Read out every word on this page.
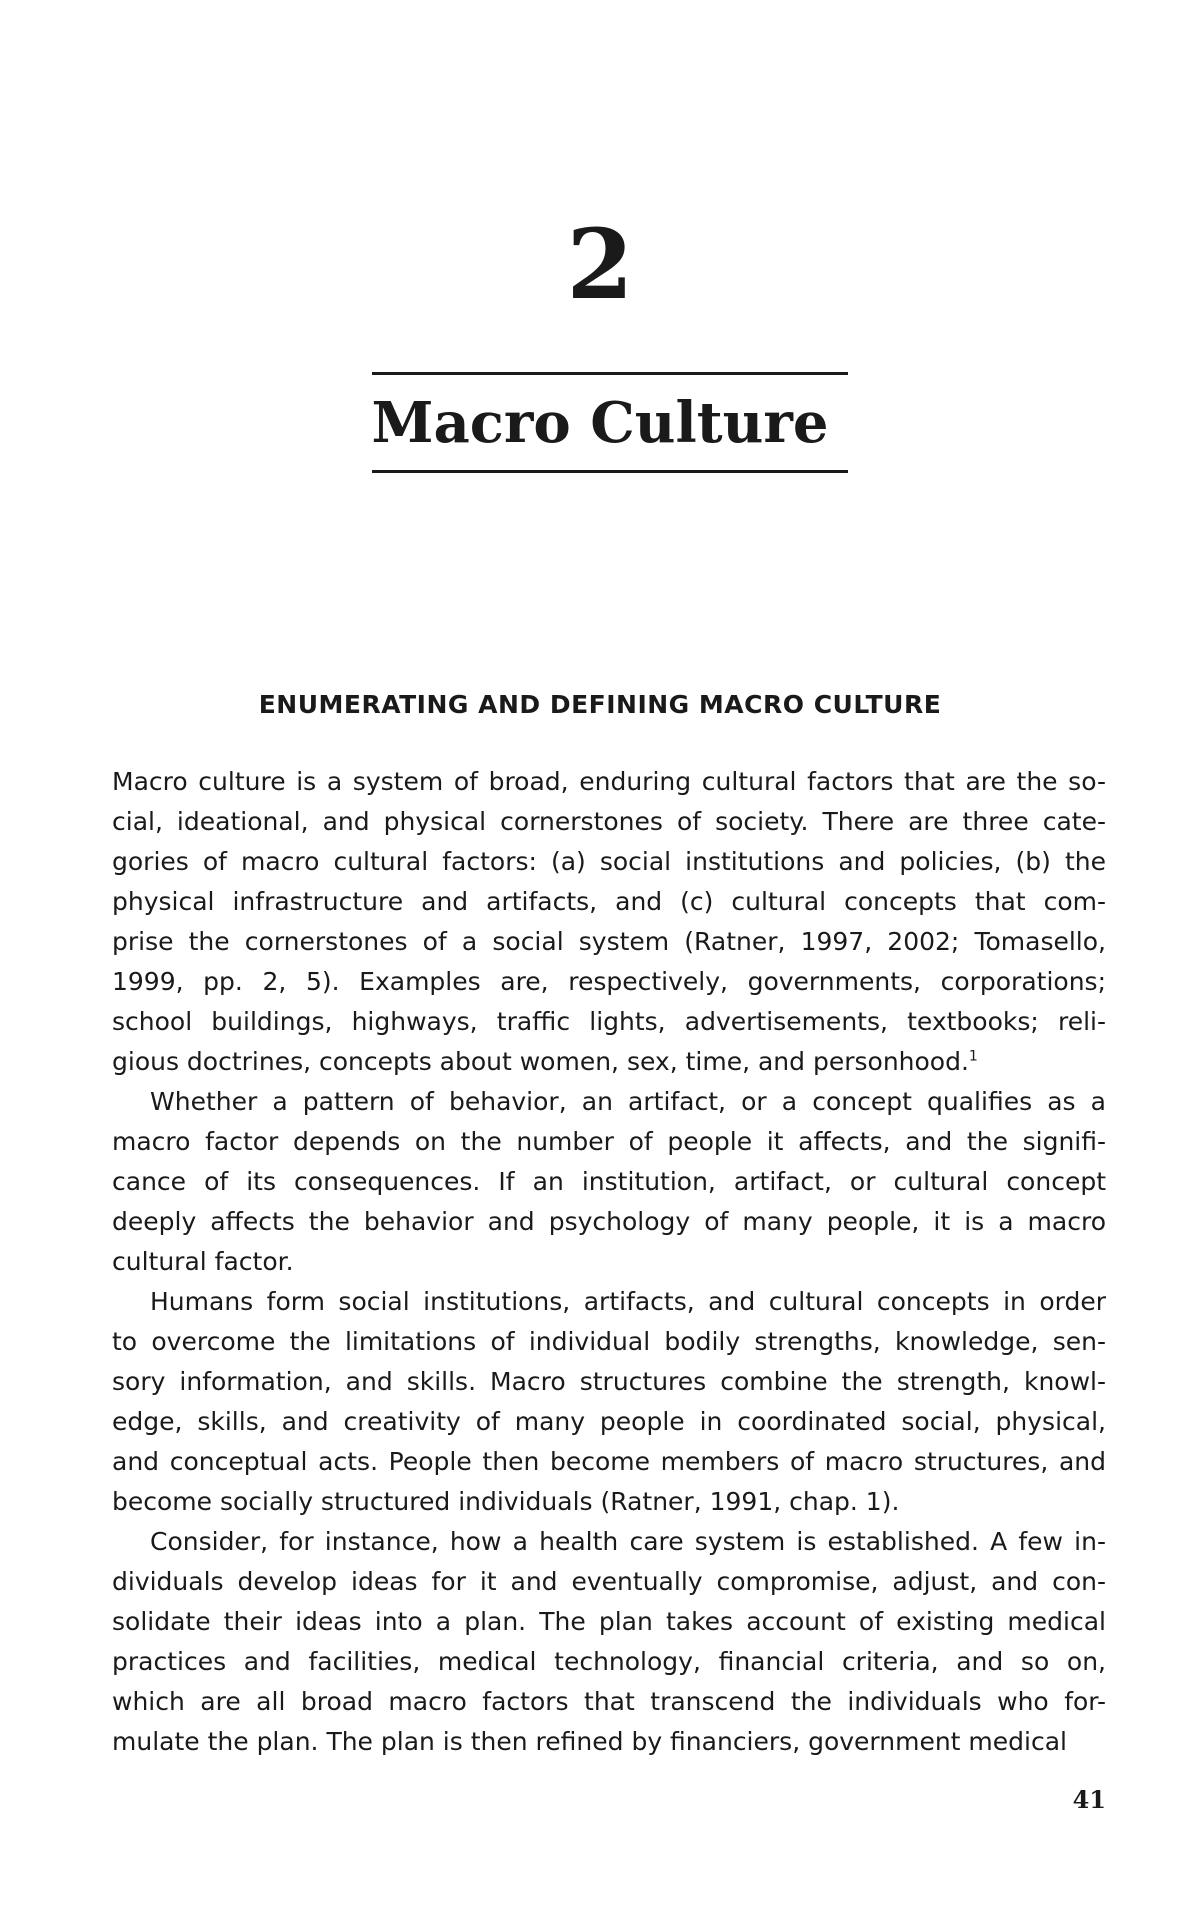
2
Macro Culture
ENUMERATING AND DEFINING MACRO CULTURE
Macro culture is a system of broad, enduring cultural factors that are the so-
cial, ideational, and physical cornerstones of society. There are three cate-
gories of macro cultural factors: (a) social institutions and policies, (b) the
physical infrastructure and artifacts, and (c) cultural concepts that com-
prise the cornerstones of a social system (Ratner, 1997, 2002; Tomasello,
1999, pp. 2, 5). Examples are, respectively, governments, corporations;
school buildings, highways, traffic lights, advertisements, textbooks; reli-
gious doctrines, concepts about women, sex, time, and personhood.$^1$
Whether a pattern of behavior, an artifact, or a concept qualifies as a
macro factor depends on the number of people it affects, and the signifi-
cance of its consequences. If an institution, artifact, or cultural concept
deeply affects the behavior and psychology of many people, it is a macro
cultural factor.
Humans form social institutions, artifacts, and cultural concepts in order
to overcome the limitations of individual bodily strengths, knowledge, sen-
sory information, and skills. Macro structures combine the strength, knowl-
edge, skills, and creativity of many people in coordinated social, physical,
and conceptual acts. People then become members of macro structures, and
become socially structured individuals (Ratner, 1991, chap. 1).
Consider, for instance, how a health care system is established. A few in-
dividuals develop ideas for it and eventually compromise, adjust, and con-
solidate their ideas into a plan. The plan takes account of existing medical
practices and facilities, medical technology, financial criteria, and so on,
which are all broad macro factors that transcend the individuals who for-
mulate the plan. The plan is then refined by financiers, government medical
41
